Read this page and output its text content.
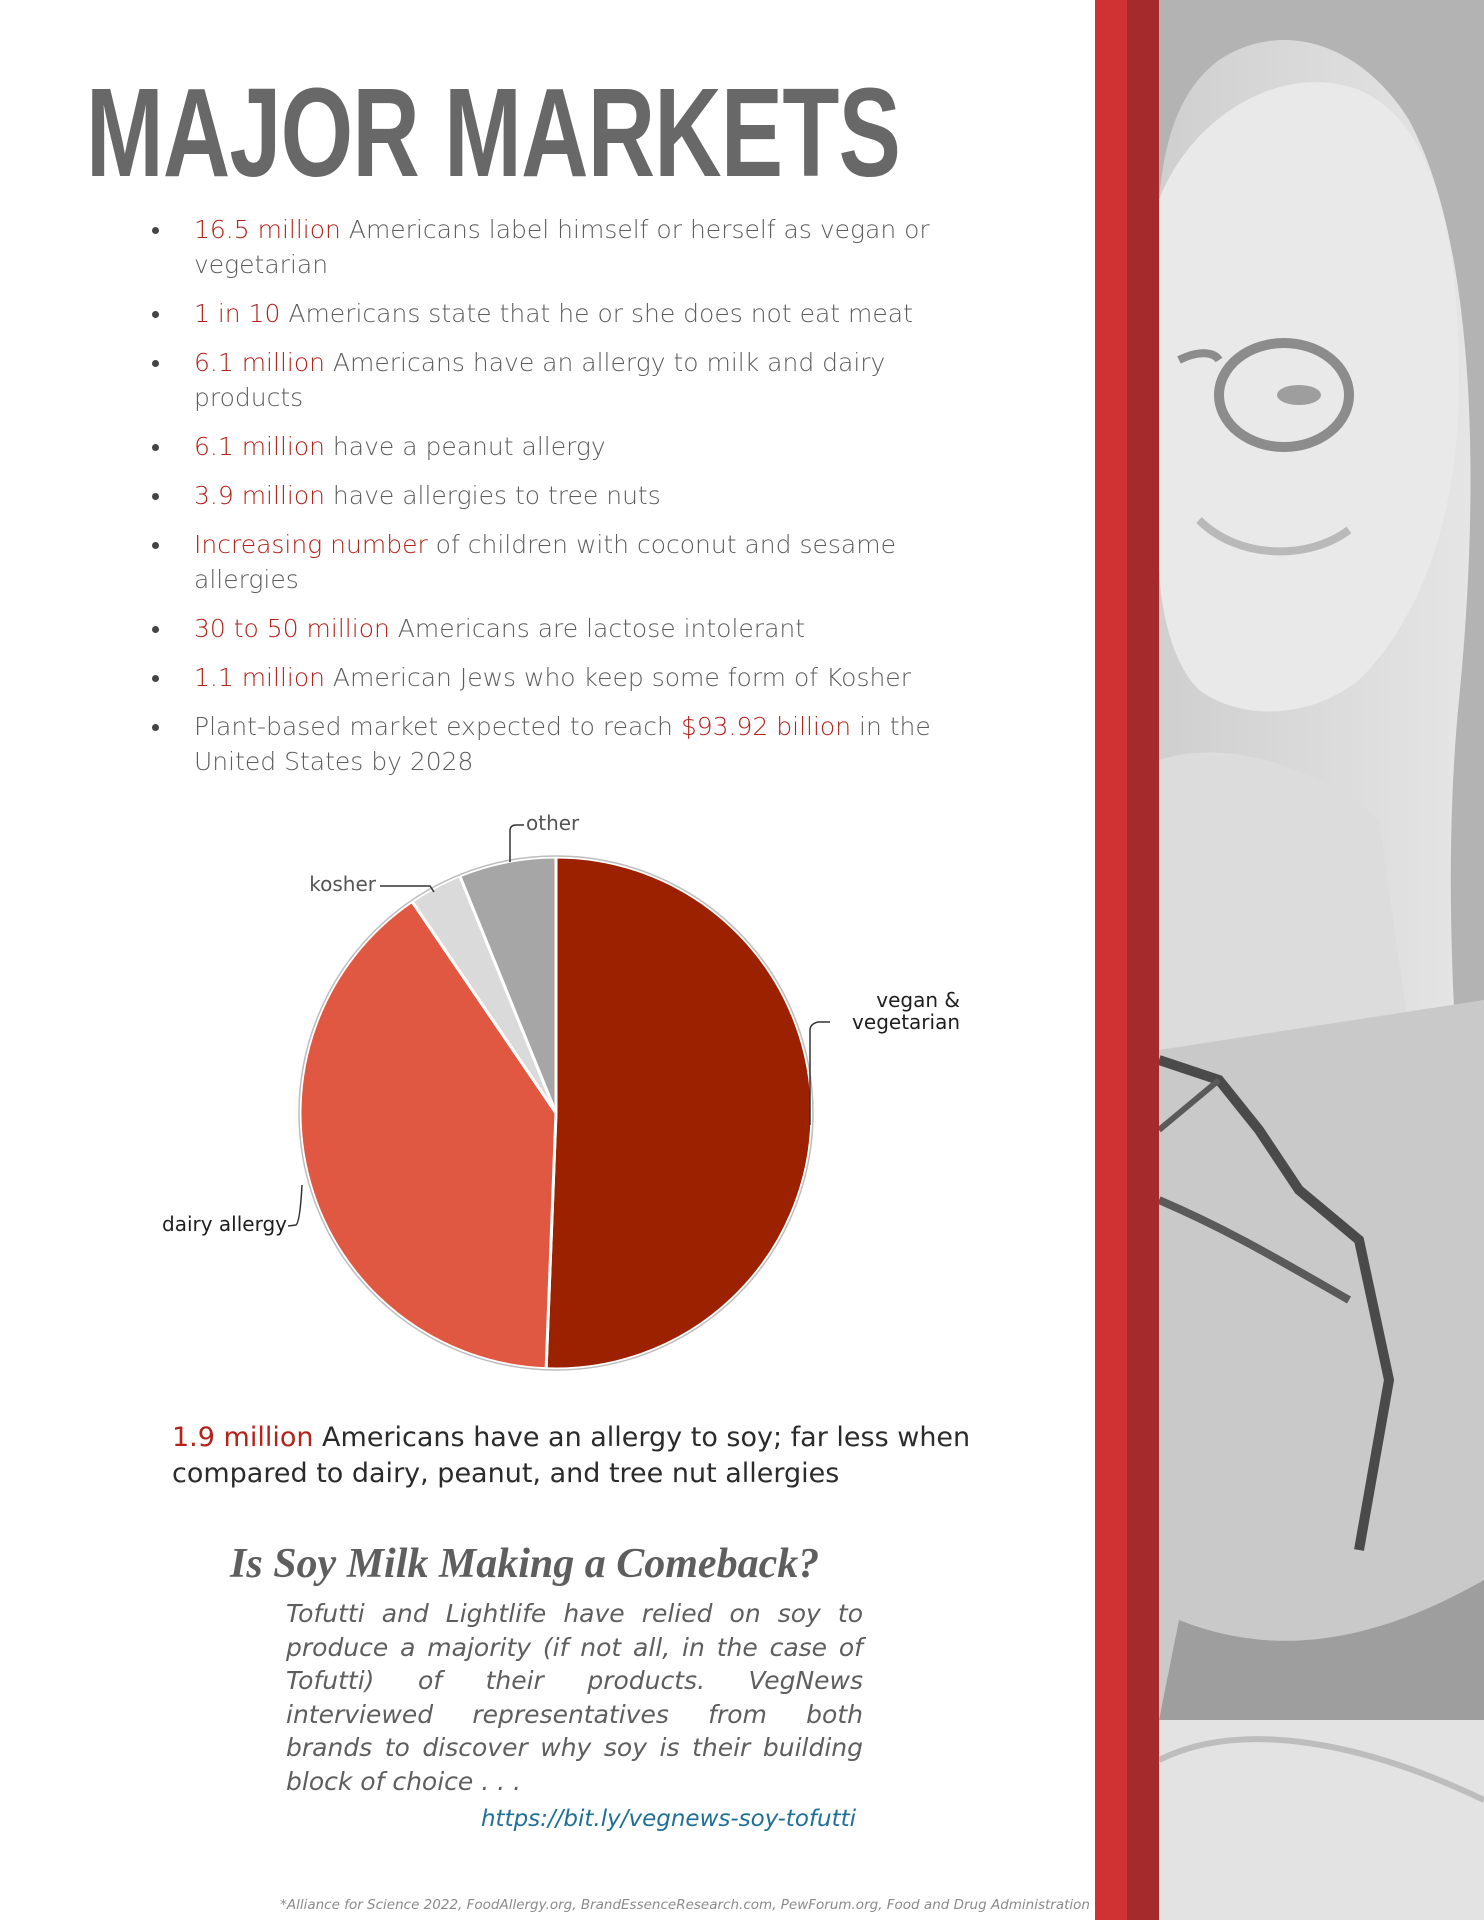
MAJOR MARKETS
16.5 million Americans label himself or herself as vegan or vegetarian
1 in 10 Americans state that he or she does not eat meat
6.1 million Americans have an allergy to milk and dairy products
6.1 million have a peanut allergy
3.9 million have allergies to tree nuts
Increasing number of children with coconut and sesame allergies
30 to 50 million Americans are lactose intolerant
1.1 million American Jews who keep some form of Kosher
Plant-based market expected to reach $93.92 billion in the United States by 2028
vegan & vegetarian
dairy allergy
kosher
other
1.9 million Americans have an allergy to soy; far less when compared to dairy, peanut, and tree nut allergies
Is Soy Milk Making a Comeback?
Tofutti and Lightlife have relied on soy to produce a majority (if not all, in the case of Tofutti) of their products. VegNews interviewed representatives from both brands to discover why soy is their building block of choice . . .
https://bit.ly/vegnews-soy-tofutti
*Alliance for Science 2022, FoodAllergy.org, BrandEssenceResearch.com, PewForum.org, Food and Drug Administration
